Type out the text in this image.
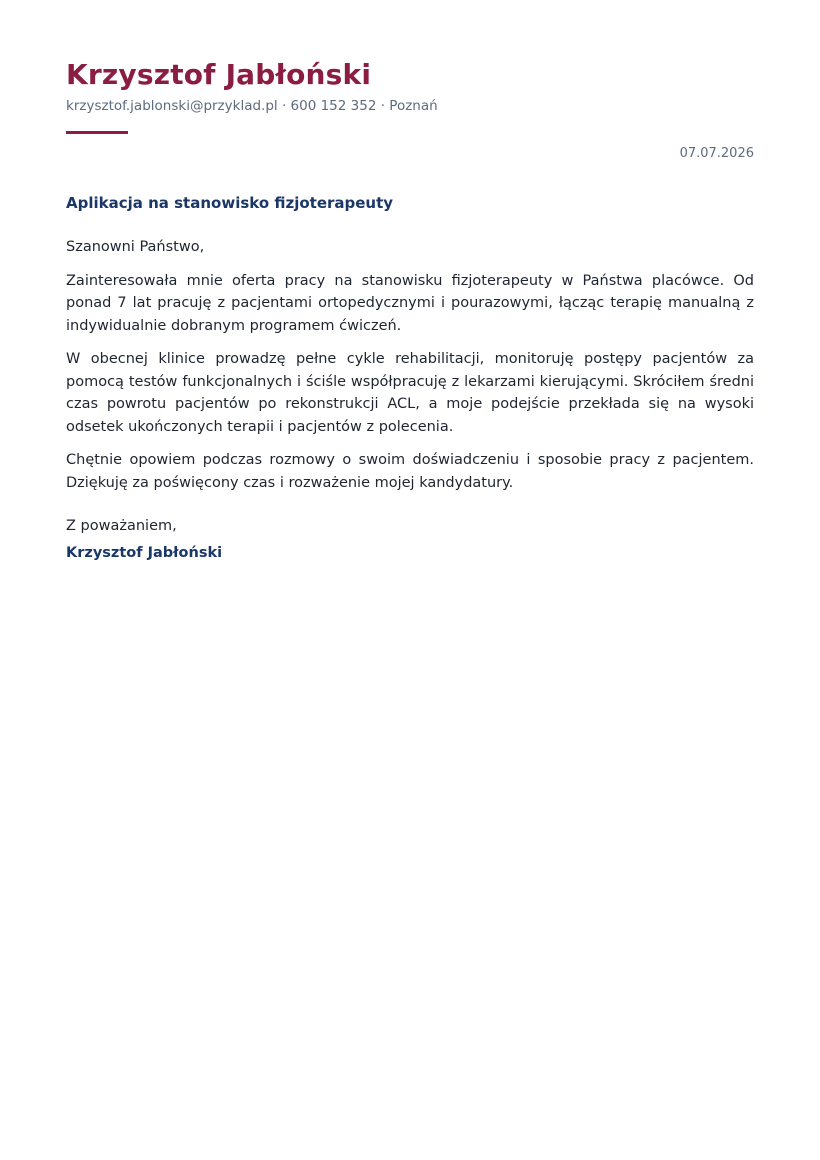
Krzysztof Jabłoński
krzysztof.jablonski@przyklad.pl · 600 152 352 · Poznań
07.07.2026
Aplikacja na stanowisko fizjoterapeuty

Szanowni Państwo,

Zainteresowała mnie oferta pracy na stanowisku fizjoterapeuty w Państwa placówce. Od ponad 7 lat pracuję z pacjentami ortopedycznymi i pourazowymi, łącząc terapię manualną z indywidualnie dobranym programem ćwiczeń.

W obecnej klinice prowadzę pełne cykle rehabilitacji, monitoruję postępy pacjentów za pomocą testów funkcjonalnych i ściśle współpracuję z lekarzami kierującymi. Skróciłem średni czas powrotu pacjentów po rekonstrukcji ACL, a moje podejście przekłada się na wysoki odsetek ukończonych terapii i pacjentów z polecenia.

Chętnie opowiem podczas rozmowy o swoim doświadczeniu i sposobie pracy z pacjentem. Dziękuję za poświęcony czas i rozważenie mojej kandydatury.

Z poważaniem,
Krzysztof Jabłoński
